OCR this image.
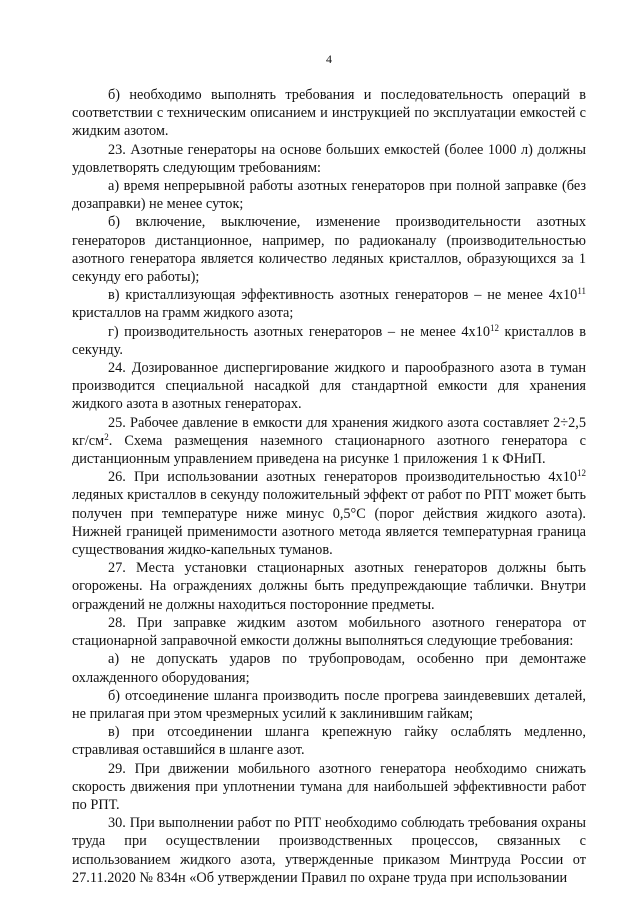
4

б) необходимо выполнять требования и последовательность операций в соответствии с техническим описанием и инструкцией по эксплуатации емкостей с жидким азотом.

23. Азотные генераторы на основе больших емкостей (более 1000 л) должны удовлетворять следующим требованиям:

а) время непрерывной работы азотных генераторов при полной заправке (без дозаправки) не менее суток;

б) включение, выключение, изменение производительности азотных генераторов дистанционное, например, по радиоканалу (производительностью азотного генератора является количество ледяных кристаллов, образующихся за 1 секунду его работы);

в) кристаллизующая эффективность азотных генераторов – не менее $4х10^{11}$ кристаллов на грамм жидкого азота;

г) производительность азотных генераторов – не менее $4х10^{12}$ кристаллов в секунду.

24. Дозированное диспергирование жидкого и парообразного азота в туман производится специальной насадкой для стандартной емкости для хранения жидкого азота в азотных генераторах.

25. Рабочее давление в емкости для хранения жидкого азота составляет 2÷2,5 $кг/см^2$. Схема размещения наземного стационарного азотного генератора с дистанционным управлением приведена на рисунке 1 приложения 1 к ФНиП.

26. При использовании азотных генераторов производительностью $4х10^{12}$ ледяных кристаллов в секунду положительный эффект от работ по РПТ может быть получен при температуре ниже минус 0,5°С (порог действия жидкого азота). Нижней границей применимости азотного метода является температурная граница существования жидко-капельных туманов.

27. Места установки стационарных азотных генераторов должны быть огорожены. На ограждениях должны быть предупреждающие таблички. Внутри ограждений не должны находиться посторонние предметы.

28. При заправке жидким азотом мобильного азотного генератора от стационарной заправочной емкости должны выполняться следующие требования:

а) не допускать ударов по трубопроводам, особенно при демонтаже охлажденного оборудования;

б) отсоединение шланга производить после прогрева заиндевевших деталей, не прилагая при этом чрезмерных усилий к заклинившим гайкам;

в) при отсоединении шланга крепежную гайку ослаблять медленно, стравливая оставшийся в шланге азот.

29. При движении мобильного азотного генератора необходимо снижать скорость движения при уплотнении тумана для наибольшей эффективности работ по РПТ.

30. При выполнении работ по РПТ необходимо соблюдать требования охраны труда при осуществлении производственных процессов, связанных с использованием жидкого азота, утвержденные приказом Минтруда России от 27.11.2020 № 834н «Об утверждении Правил по охране труда при использовании
